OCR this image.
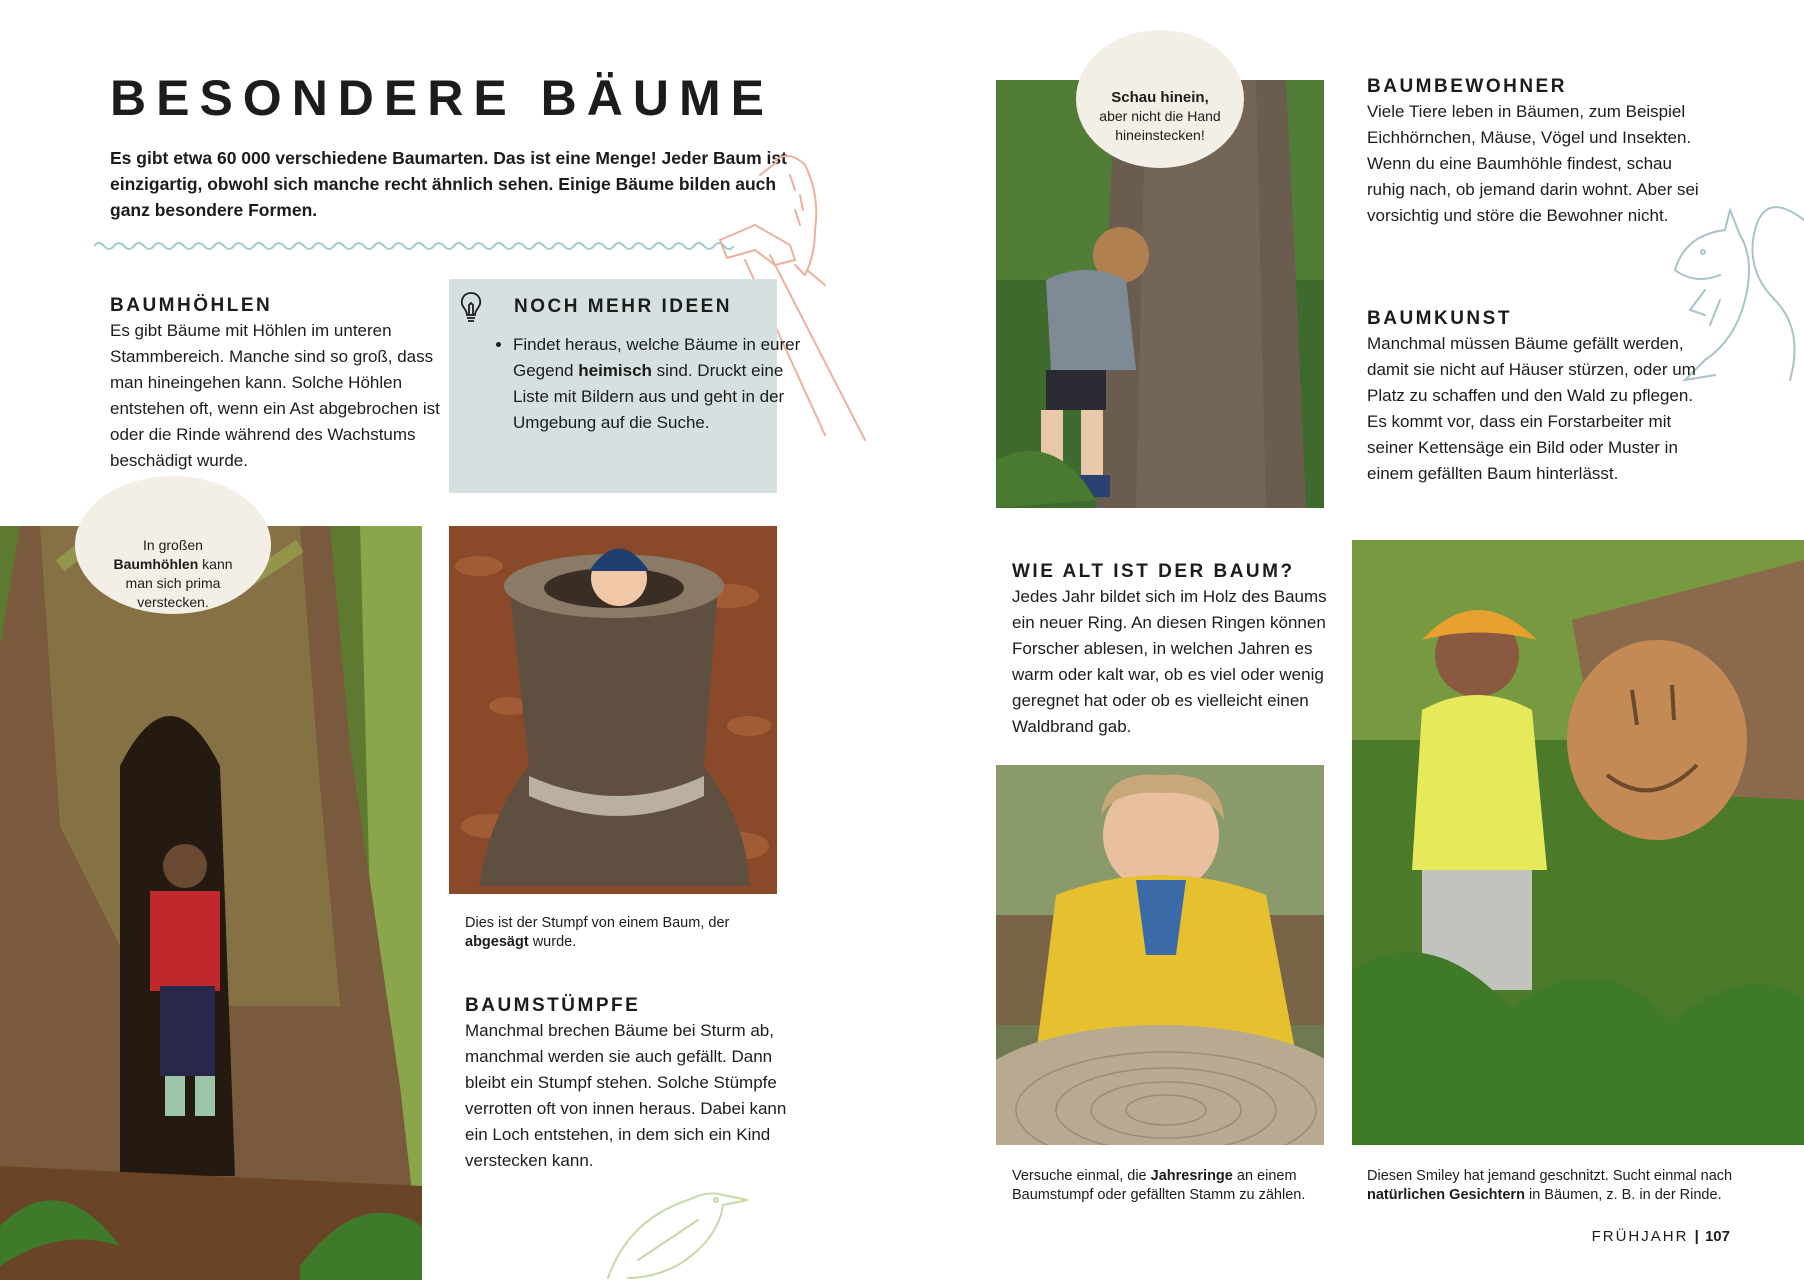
BESONDERE BÄUME

Es gibt etwa 60 000 verschiedene Baumarten. Das ist eine Menge! Jeder Baum ist einzigartig, obwohl sich manche recht ähnlich sehen. Einige Bäume bilden auch ganz besondere Formen.

BAUMHÖHLEN

Es gibt Bäume mit Höhlen im unteren Stammbereich. Manche sind so groß, dass man hineingehen kann. Solche Höhlen entstehen oft, wenn ein Ast abgebrochen ist oder die Rinde während des Wachstums beschädigt wurde.

NOCH MEHR IDEEN
• Findet heraus, welche Bäume in eurer Gegend heimisch sind. Druckt eine Liste mit Bildern aus und geht in der Umgebung auf die Suche.
In großen
Baumhöhlen kann man sich prima verstecken.

Dies ist der Stumpf von einem Baum, der abgesägt wurde.

BAUMSTÜMPFE

Manchmal brechen Bäume bei Sturm ab, manchmal werden sie auch gefällt. Dann bleibt ein Stumpf stehen. Solche Stümpfe verrotten oft von innen heraus. Dabei kann ein Loch entstehen, in dem sich ein Kind verstecken kann.

Schau hinein,
aber nicht die Hand hineinstecken!
BAUMBEWOHNER

Viele Tiere leben in Bäumen, zum Beispiel Eichhörnchen, Mäuse, Vögel und Insekten. Wenn du eine Baumhöhle findest, schau ruhig nach, ob jemand darin wohnt. Aber sei vorsichtig und störe die Bewohner nicht.

BAUMKUNST

Manchmal müssen Bäume gefällt werden, damit sie nicht auf Häuser stürzen, oder um Platz zu schaffen und den Wald zu pflegen. Es kommt vor, dass ein Forstarbeiter mit seiner Kettensäge ein Bild oder Muster in einem gefällten Baum hinterlässt.

WIE ALT IST DER BAUM?

Jedes Jahr bildet sich im Holz des Baums ein neuer Ring. An diesen Ringen können Forscher ablesen, in welchen Jahren es warm oder kalt war, ob es viel oder wenig geregnet hat oder ob es vielleicht einen Waldbrand gab.

Versuche einmal, die Jahresringe an einem Baumstumpf oder gefällten Stamm zu zählen.

Diesen Smiley hat jemand geschnitzt. Sucht einmal nach natürlichen Gesichtern in Bäumen, z. B. in der Rinde.

FRÜHJAHR | 107
